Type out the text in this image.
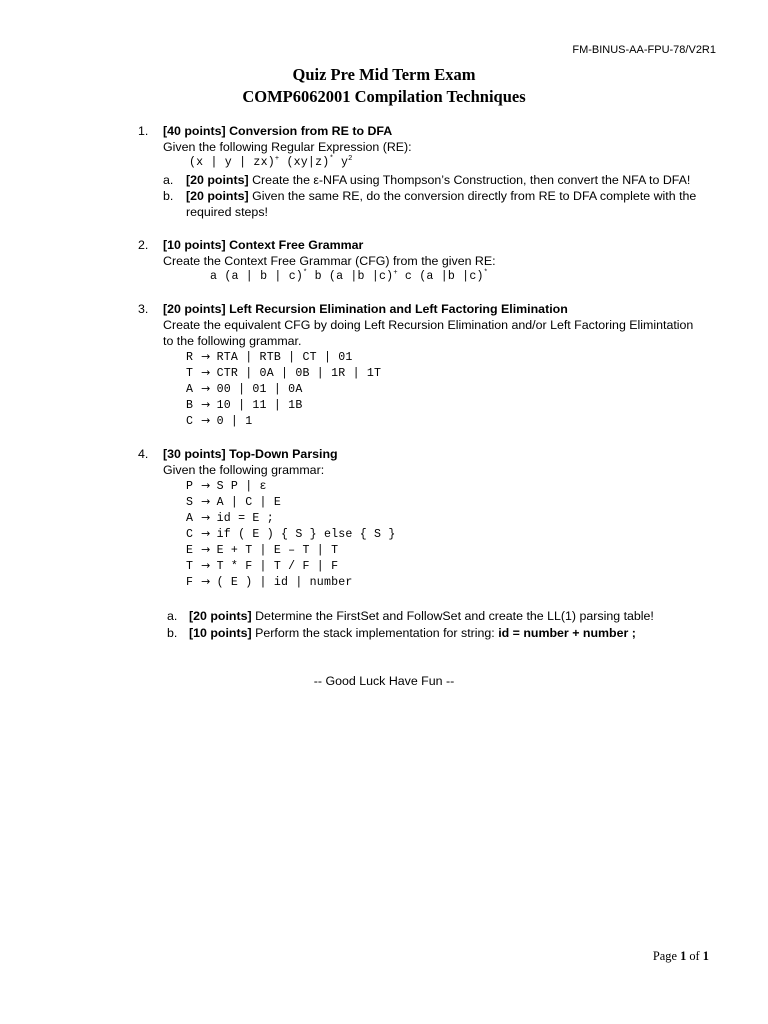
FM-BINUS-AA-FPU-78/V2R1
Quiz Pre Mid Term Exam
COMP6062001 Compilation Techniques
1. [40 points] Conversion from RE to DFA
Given the following Regular Expression (RE):
(x | y | zx)+ (xy|z)* $y^2$
a. [20 points] Create the ε-NFA using Thompson’s Construction, then convert the NFA to DFA!
b. [20 points] Given the same RE, do the conversion directly from RE to DFA complete with the
required steps!
2. [10 points] Context Free Grammar
Create the Context Free Grammar (CFG) from the given RE:
a (a | b | c)* b (a |b |c)+ c (a |b |c)*
3. [20 points] Left Recursion Elimination and Left Factoring Elimination
Create the equivalent CFG by doing Left Recursion Elimination and/or Left Factoring Elimintation
to the following grammar.
R → RTA | RTB | CT | 01
T → CTR | 0A | 0B | 1R | 1T
A → 00 | 01 | 0A
B → 10 | 11 | 1B
C → 0 | 1
4. [30 points] Top-Down Parsing
Given the following grammar:
P → S P | ε
S → A | C | E
A → id = E ;
C → if ( E ) { S } else { S }
E → E + T | E – T | T
T → T * F | T / F | F
F → ( E ) | id | number
a. [20 points] Determine the FirstSet and FollowSet and create the LL(1) parsing table!
b. [10 points] Perform the stack implementation for string: id = number + number ;
-- Good Luck Have Fun --
Page 1 of 1
